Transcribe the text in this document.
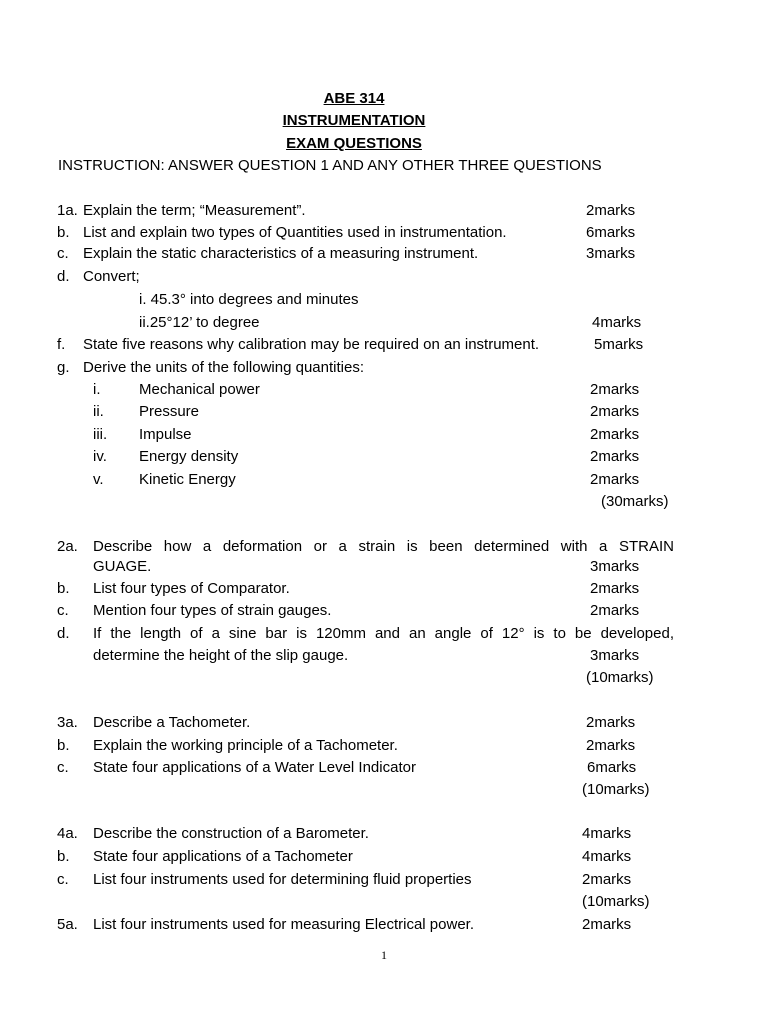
ABE 314
INSTRUMENTATION
EXAM QUESTIONS
INSTRUCTION: ANSWER QUESTION 1 AND ANY OTHER THREE QUESTIONS
1a. Explain the term; “Measurement”.	2marks
b. List and explain two types of Quantities used in instrumentation.	6marks
c. Explain the static characteristics of a measuring instrument.	3marks
d. Convert;
i. 45.3° into degrees and minutes
ii.25°12’ to degree	4marks
f. State five reasons why calibration may be required on an instrument.	5marks
g. Derive the units of the following quantities:
i.	Mechanical power	2marks
ii. Pressure	2marks
iii. Impulse	2marks
iv. Energy density	2marks
v. Kinetic Energy	2marks
(30marks)
2a. Describe how a deformation or a strain is been determined with a STRAIN
GUAGE.	3marks
b. List four types of Comparator.	2marks
c. Mention four types of strain gauges.	2marks
d. If the length of a sine bar is 120mm and an angle of 12° is to be developed,
determine the height of the slip gauge.	3marks
(10marks)
3a. Describe a Tachometer.	2marks
b. Explain the working principle of a Tachometer.	2marks
c. State four applications of a Water Level Indicator	6marks
(10marks)
4a. Describe the construction of a Barometer.	4marks
b. State four applications of a Tachometer	4marks
c. List four instruments used for determining fluid properties	2marks
(10marks)
5a. List four instruments used for measuring Electrical power.	2marks
1
